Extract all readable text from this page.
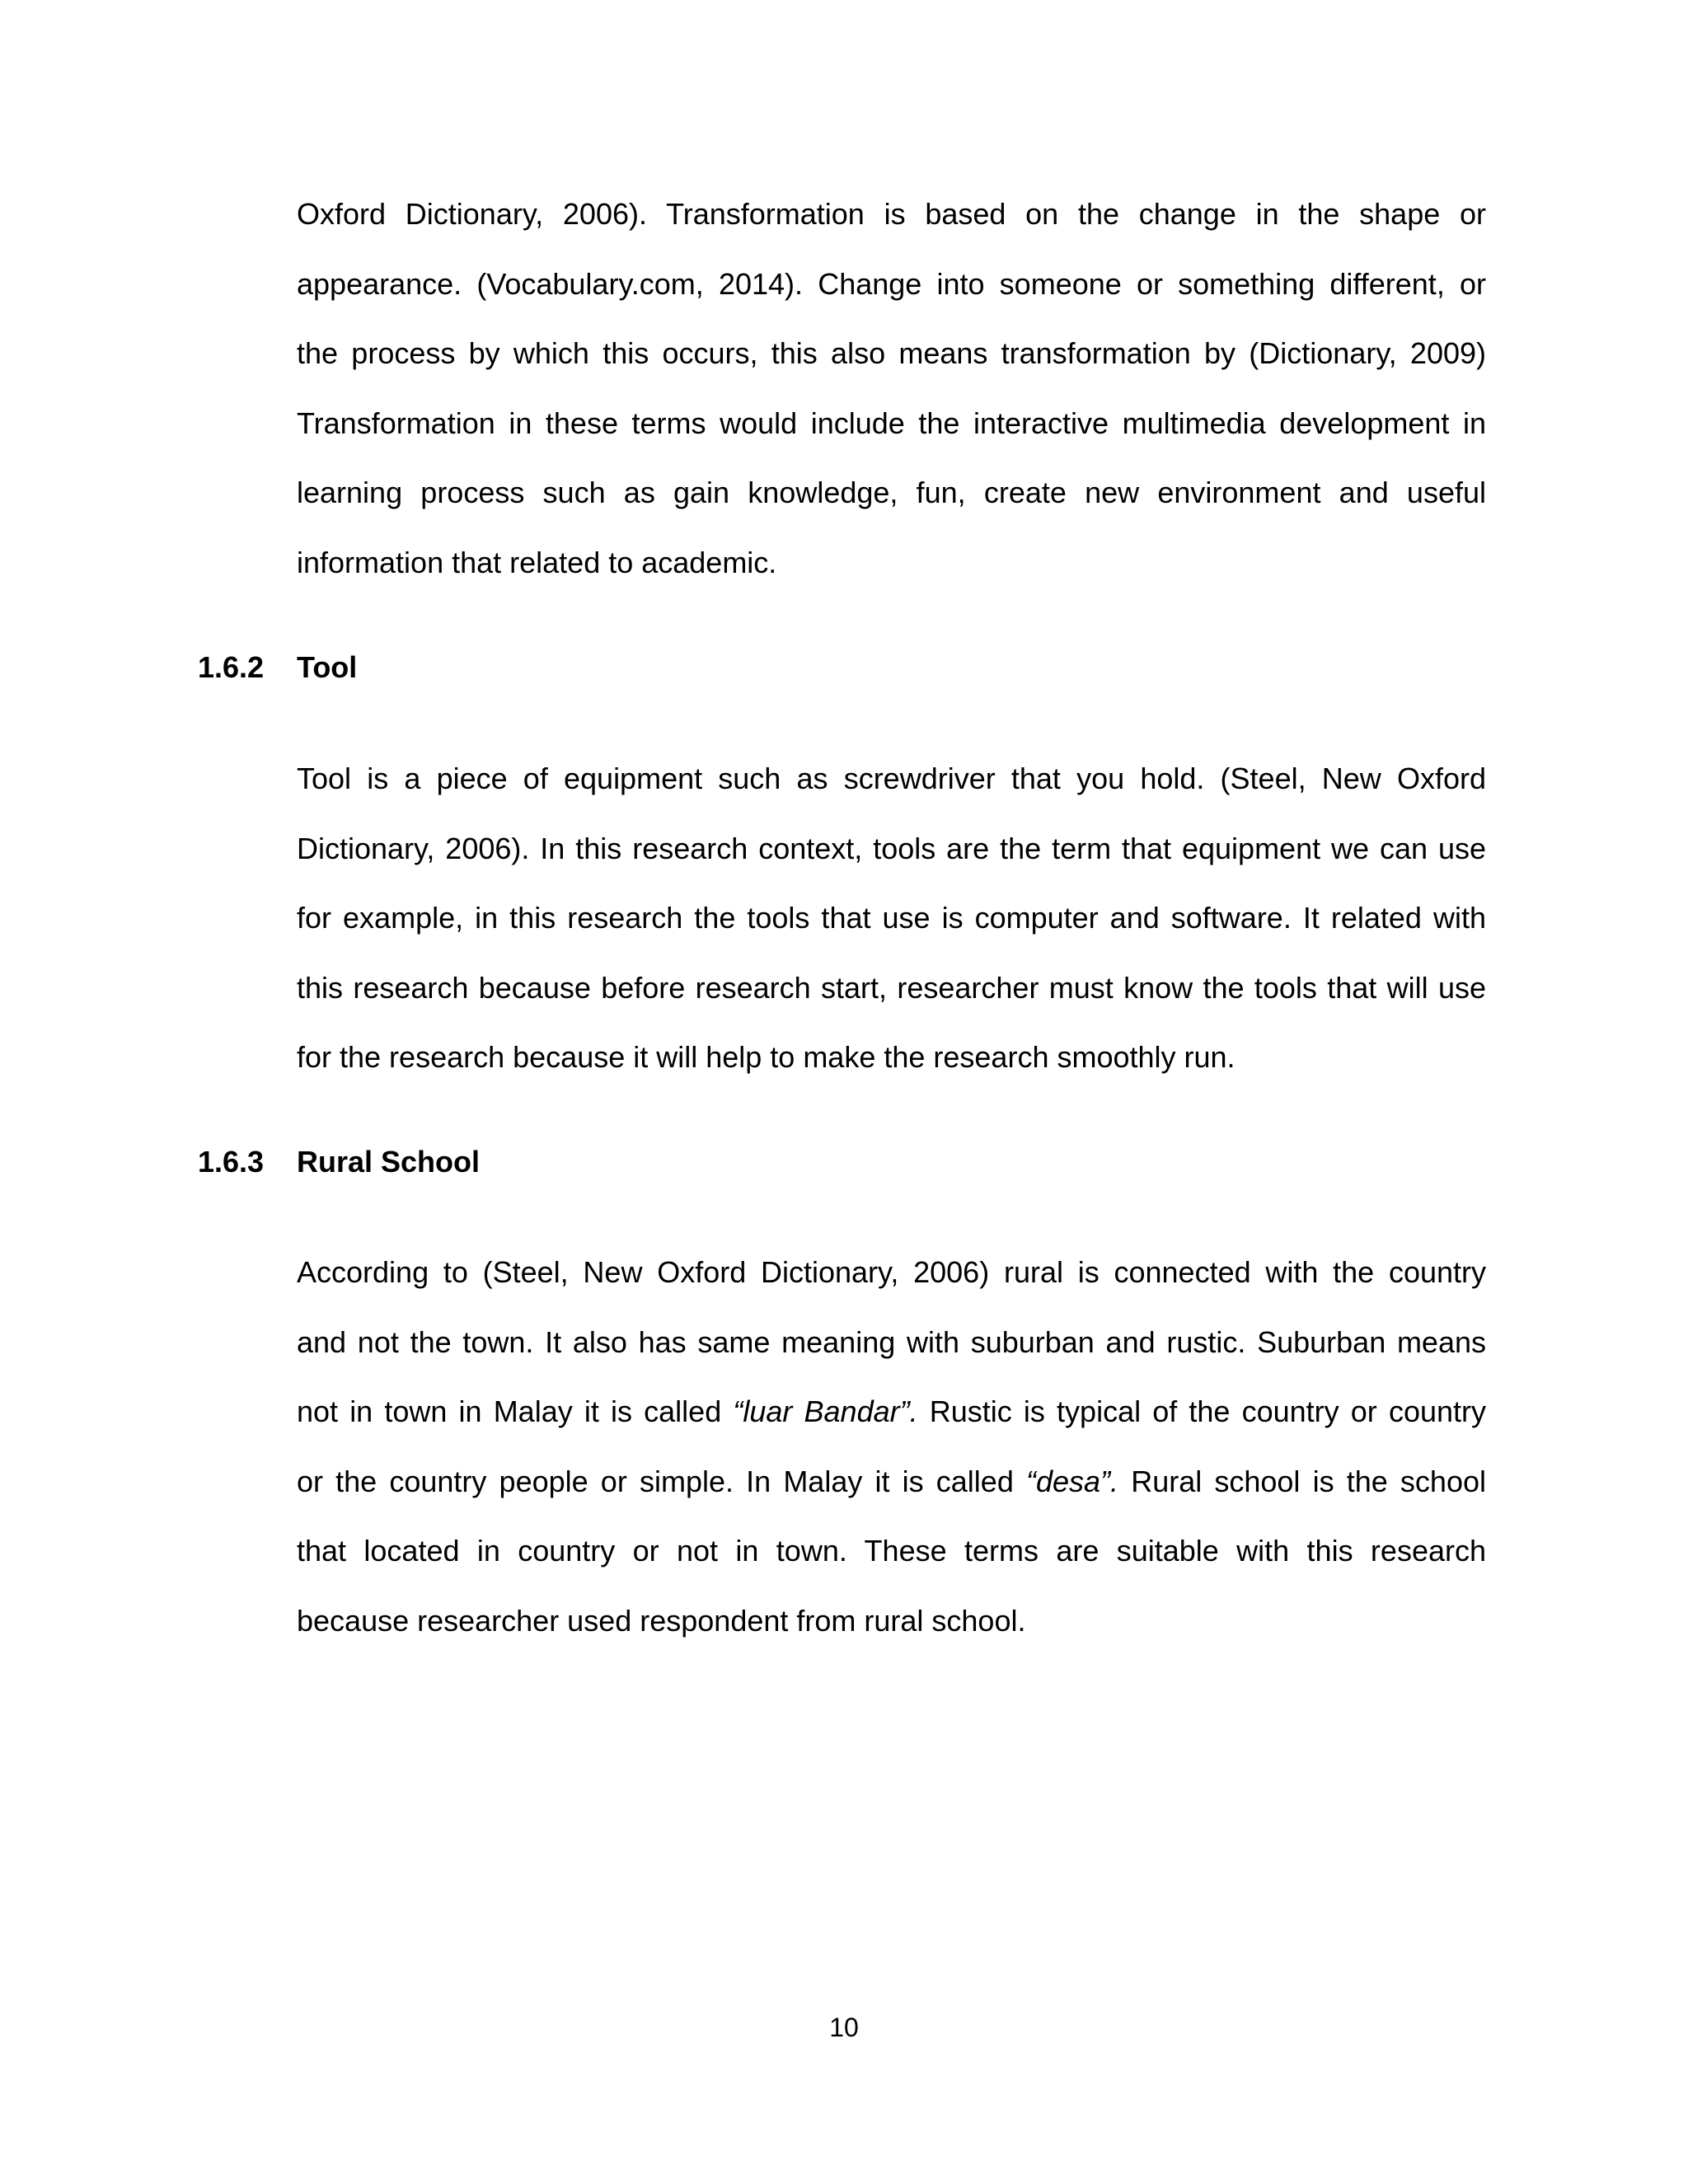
Oxford Dictionary, 2006). Transformation is based on the change in the shape or
appearance. (Vocabulary.com, 2014). Change into someone or something different, or
the process by which this occurs, this also means transformation by (Dictionary, 2009)
Transformation in these terms would include the interactive multimedia development in
learning process such as gain knowledge, fun, create new environment and useful
information that related to academic.
1.6.2 Tool
Tool is a piece of equipment such as screwdriver that you hold. (Steel, New Oxford
Dictionary, 2006). In this research context, tools are the term that equipment we can use
for example, in this research the tools that use is computer and software. It related with
this research because before research start, researcher must know the tools that will use
for the research because it will help to make the research smoothly run.
1.6.3 Rural School
According to (Steel, New Oxford Dictionary, 2006) rural is connected with the country
and not the town. It also has same meaning with suburban and rustic. Suburban means
not in town in Malay it is called “luar Bandar”. Rustic is typical of the country or country
or the country people or simple. In Malay it is called “desa”. Rural school is the school
that located in country or not in town. These terms are suitable with this research
because researcher used respondent from rural school.
10
